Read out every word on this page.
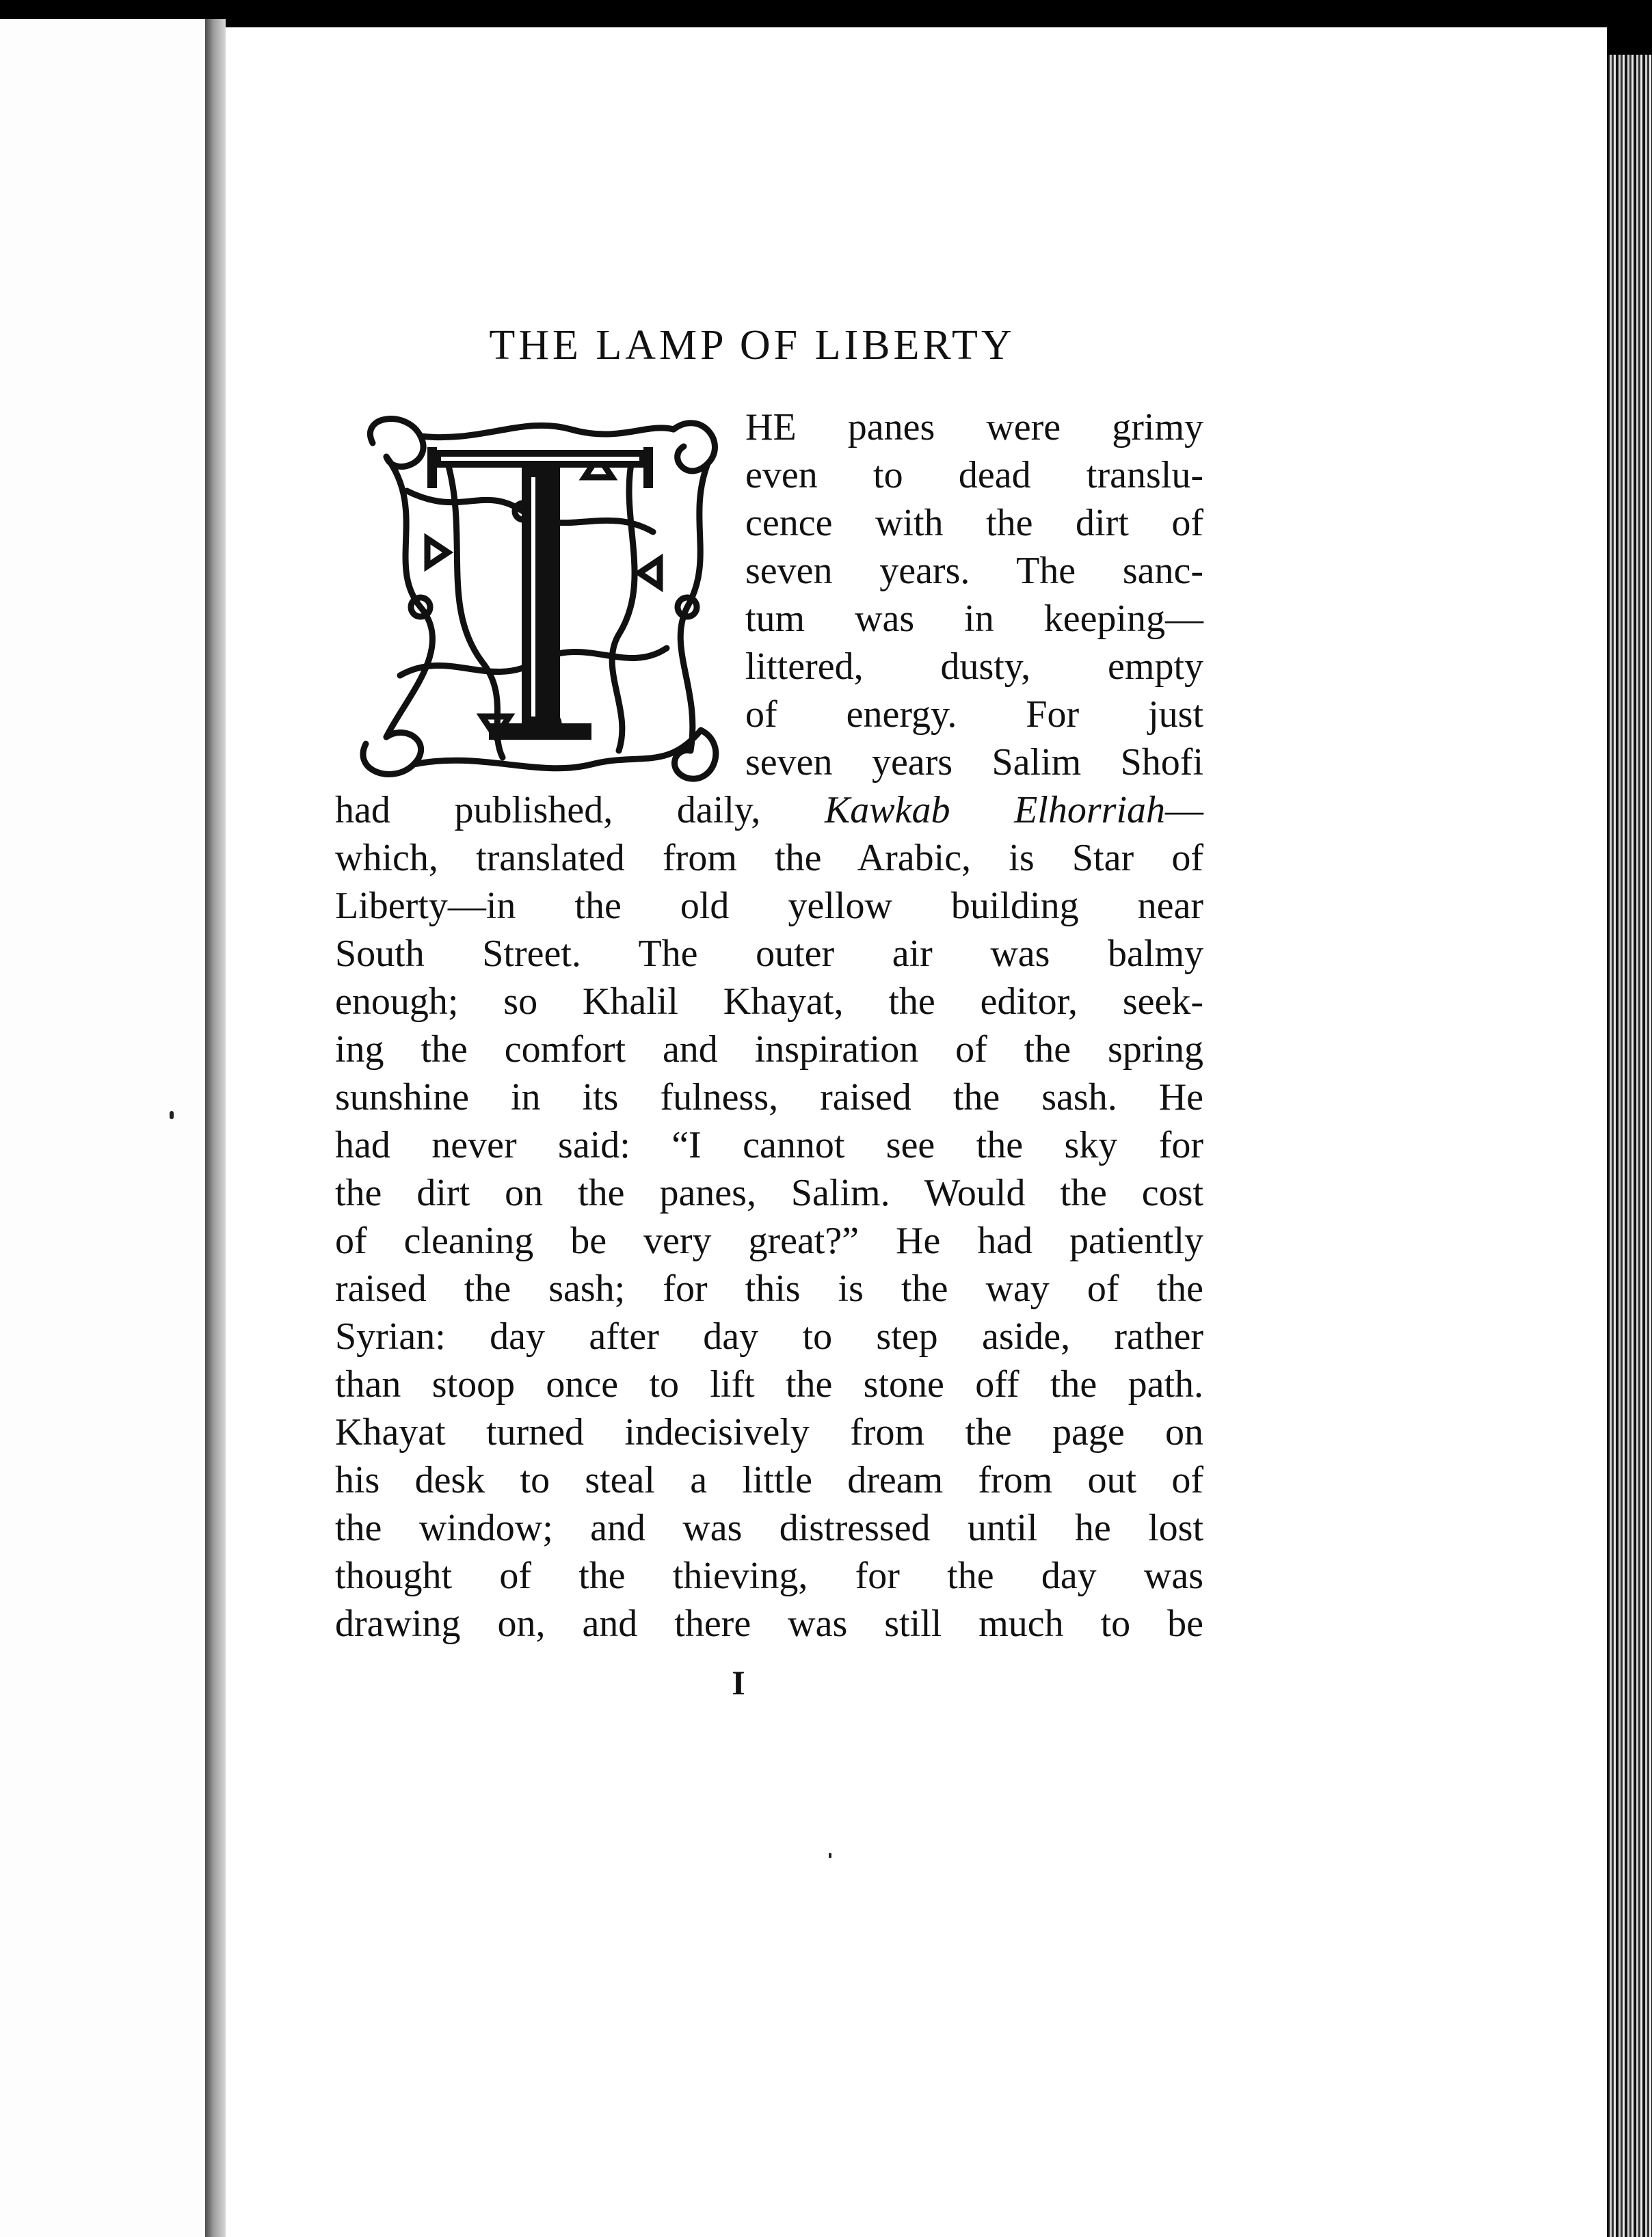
THE LAMP OF LIBERTY
HE panes were grimy
even to dead translu-
cence with the dirt of
seven years. The sanc-
tum was in keeping—
littered, dusty, empty
of energy. For just
seven years Salim Shofi
had published, daily, Kawkab Elhorriah—
which, translated from the Arabic, is Star of
Liberty—in the old yellow building near
South Street. The outer air was balmy
enough; so Khalil Khayat, the editor, seek-
ing the comfort and inspiration of the spring
sunshine in its fulness, raised the sash. He
had never said: “I cannot see the sky for
the dirt on the panes, Salim. Would the cost
of cleaning be very great?” He had patiently
raised the sash; for this is the way of the
Syrian: day after day to step aside, rather
than stoop once to lift the stone off the path.
Khayat turned indecisively from the page on
his desk to steal a little dream from out of
the window; and was distressed until he lost
thought of the thieving, for the day was
drawing on, and there was still much to be
I
